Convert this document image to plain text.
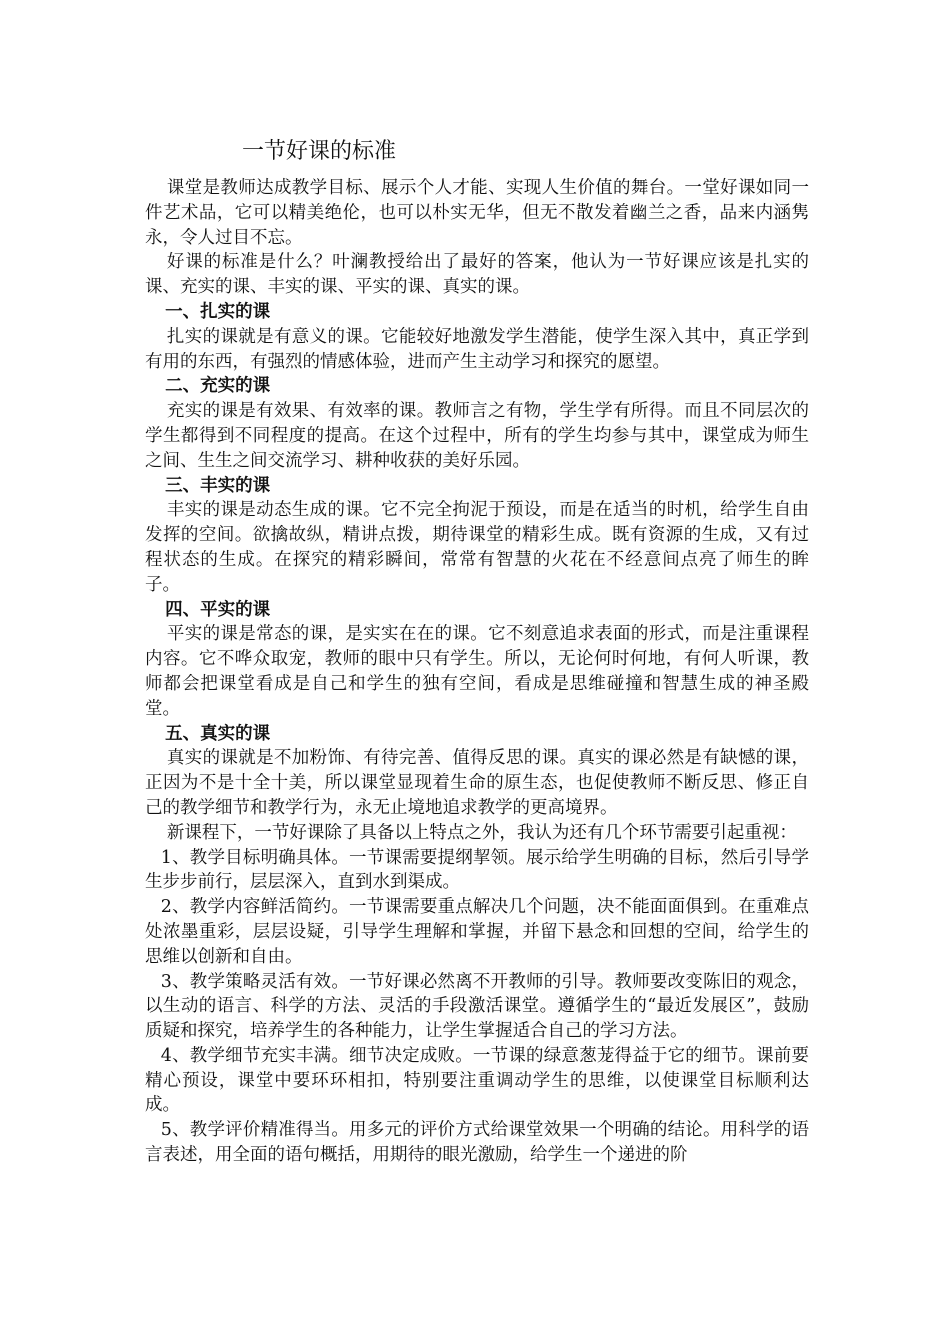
一节好课的标准

课堂是教师达成教学目标、展示个人才能、实现人生价值的舞台。一堂好课如同一件艺术品，它可以精美绝伦，也可以朴实无华，但无不散发着幽兰之香，品来内涵隽永，令人过目不忘。

好课的标准是什么？叶澜教授给出了最好的答案，他认为一节好课应该是扎实的课、充实的课、丰实的课、平实的课、真实的课。

一、扎实的课

扎实的课就是有意义的课。它能较好地激发学生潜能，使学生深入其中，真正学到有用的东西，有强烈的情感体验，进而产生主动学习和探究的愿望。

二、充实的课

充实的课是有效果、有效率的课。教师言之有物，学生学有所得。而且不同层次的学生都得到不同程度的提高。在这个过程中，所有的学生均参与其中，课堂成为师生之间、生生之间交流学习、耕种收获的美好乐园。

三、丰实的课

丰实的课是动态生成的课。它不完全拘泥于预设，而是在适当的时机，给学生自由发挥的空间。欲擒故纵，精讲点拨，期待课堂的精彩生成。既有资源的生成，又有过程状态的生成。在探究的精彩瞬间，常常有智慧的火花在不经意间点亮了师生的眸子。

四、平实的课

平实的课是常态的课，是实实在在的课。它不刻意追求表面的形式，而是注重课程内容。它不哗众取宠，教师的眼中只有学生。所以，无论何时何地，有何人听课，教师都会把课堂看成是自己和学生的独有空间，看成是思维碰撞和智慧生成的神圣殿堂。

五、真实的课

真实的课就是不加粉饰、有待完善、值得反思的课。真实的课必然是有缺憾的课，正因为不是十全十美，所以课堂显现着生命的原生态，也促使教师不断反思、修正自己的教学细节和教学行为，永无止境地追求教学的更高境界。

新课程下，一节好课除了具备以上特点之外，我认为还有几个环节需要引起重视：

1、教学目标明确具体。一节课需要提纲挈领。展示给学生明确的目标，然后引导学生步步前行，层层深入，直到水到渠成。

2、教学内容鲜活简约。一节课需要重点解决几个问题，决不能面面俱到。在重难点处浓墨重彩，层层设疑，引导学生理解和掌握，并留下悬念和回想的空间，给学生的思维以创新和自由。

3、教学策略灵活有效。一节好课必然离不开教师的引导。教师要改变陈旧的观念，以生动的语言、科学的方法、灵活的手段激活课堂。遵循学生的“最近发展区”，鼓励质疑和探究，培养学生的各种能力，让学生掌握适合自己的学习方法。

4、教学细节充实丰满。细节决定成败。一节课的绿意葱茏得益于它的细节。课前要精心预设，课堂中要环环相扣，特别要注重调动学生的思维，以使课堂目标顺利达成。

5、教学评价精准得当。用多元的评价方式给课堂效果一个明确的结论。用科学的语言表述，用全面的语句概括，用期待的眼光激励，给学生一个递进的阶
